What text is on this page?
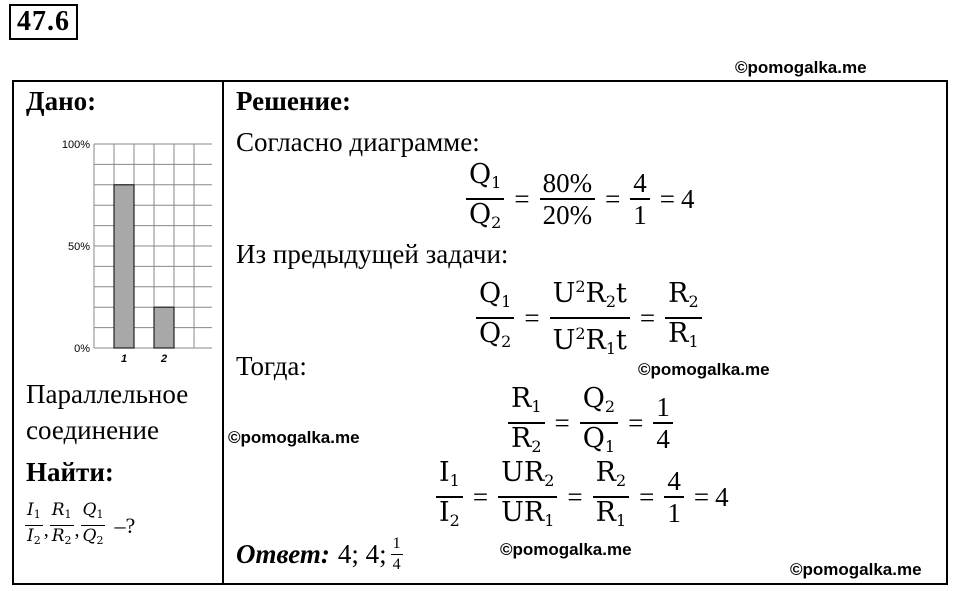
47.6
©pomogalka.me
Дано:
1	2
0%
50%
100%
Параллельное
соединение
Найти:
$\frac{I_1}{I_2}$ , $\frac{R_1}{R_2}$ , $\frac{Q_1}{Q_2}$ –?
Решение:
Согласно диаграмме:
$\frac{Q_1}{Q_2} = \frac{80\%}{20\%} = \frac{4}{1} = 4$
Из предыдущей задачи:
$\frac{Q_1}{Q_2} = \frac{U^2R_2t}{U^2R_1t} = \frac{R_2}{R_1}$
Тогда:	©pomogalka.me
$\frac{R_1}{R_2} = \frac{Q_2}{Q_1} = \frac{1}{4}$
©pomogalka.me
$\frac{I_1}{I_2} = \frac{UR_2}{UR_1} = \frac{R_2}{R_1} = \frac{4}{1} = 4$
Ответ: 4; 4; $\frac{1}{4}$	©pomogalka.me
©pomogalka.me
